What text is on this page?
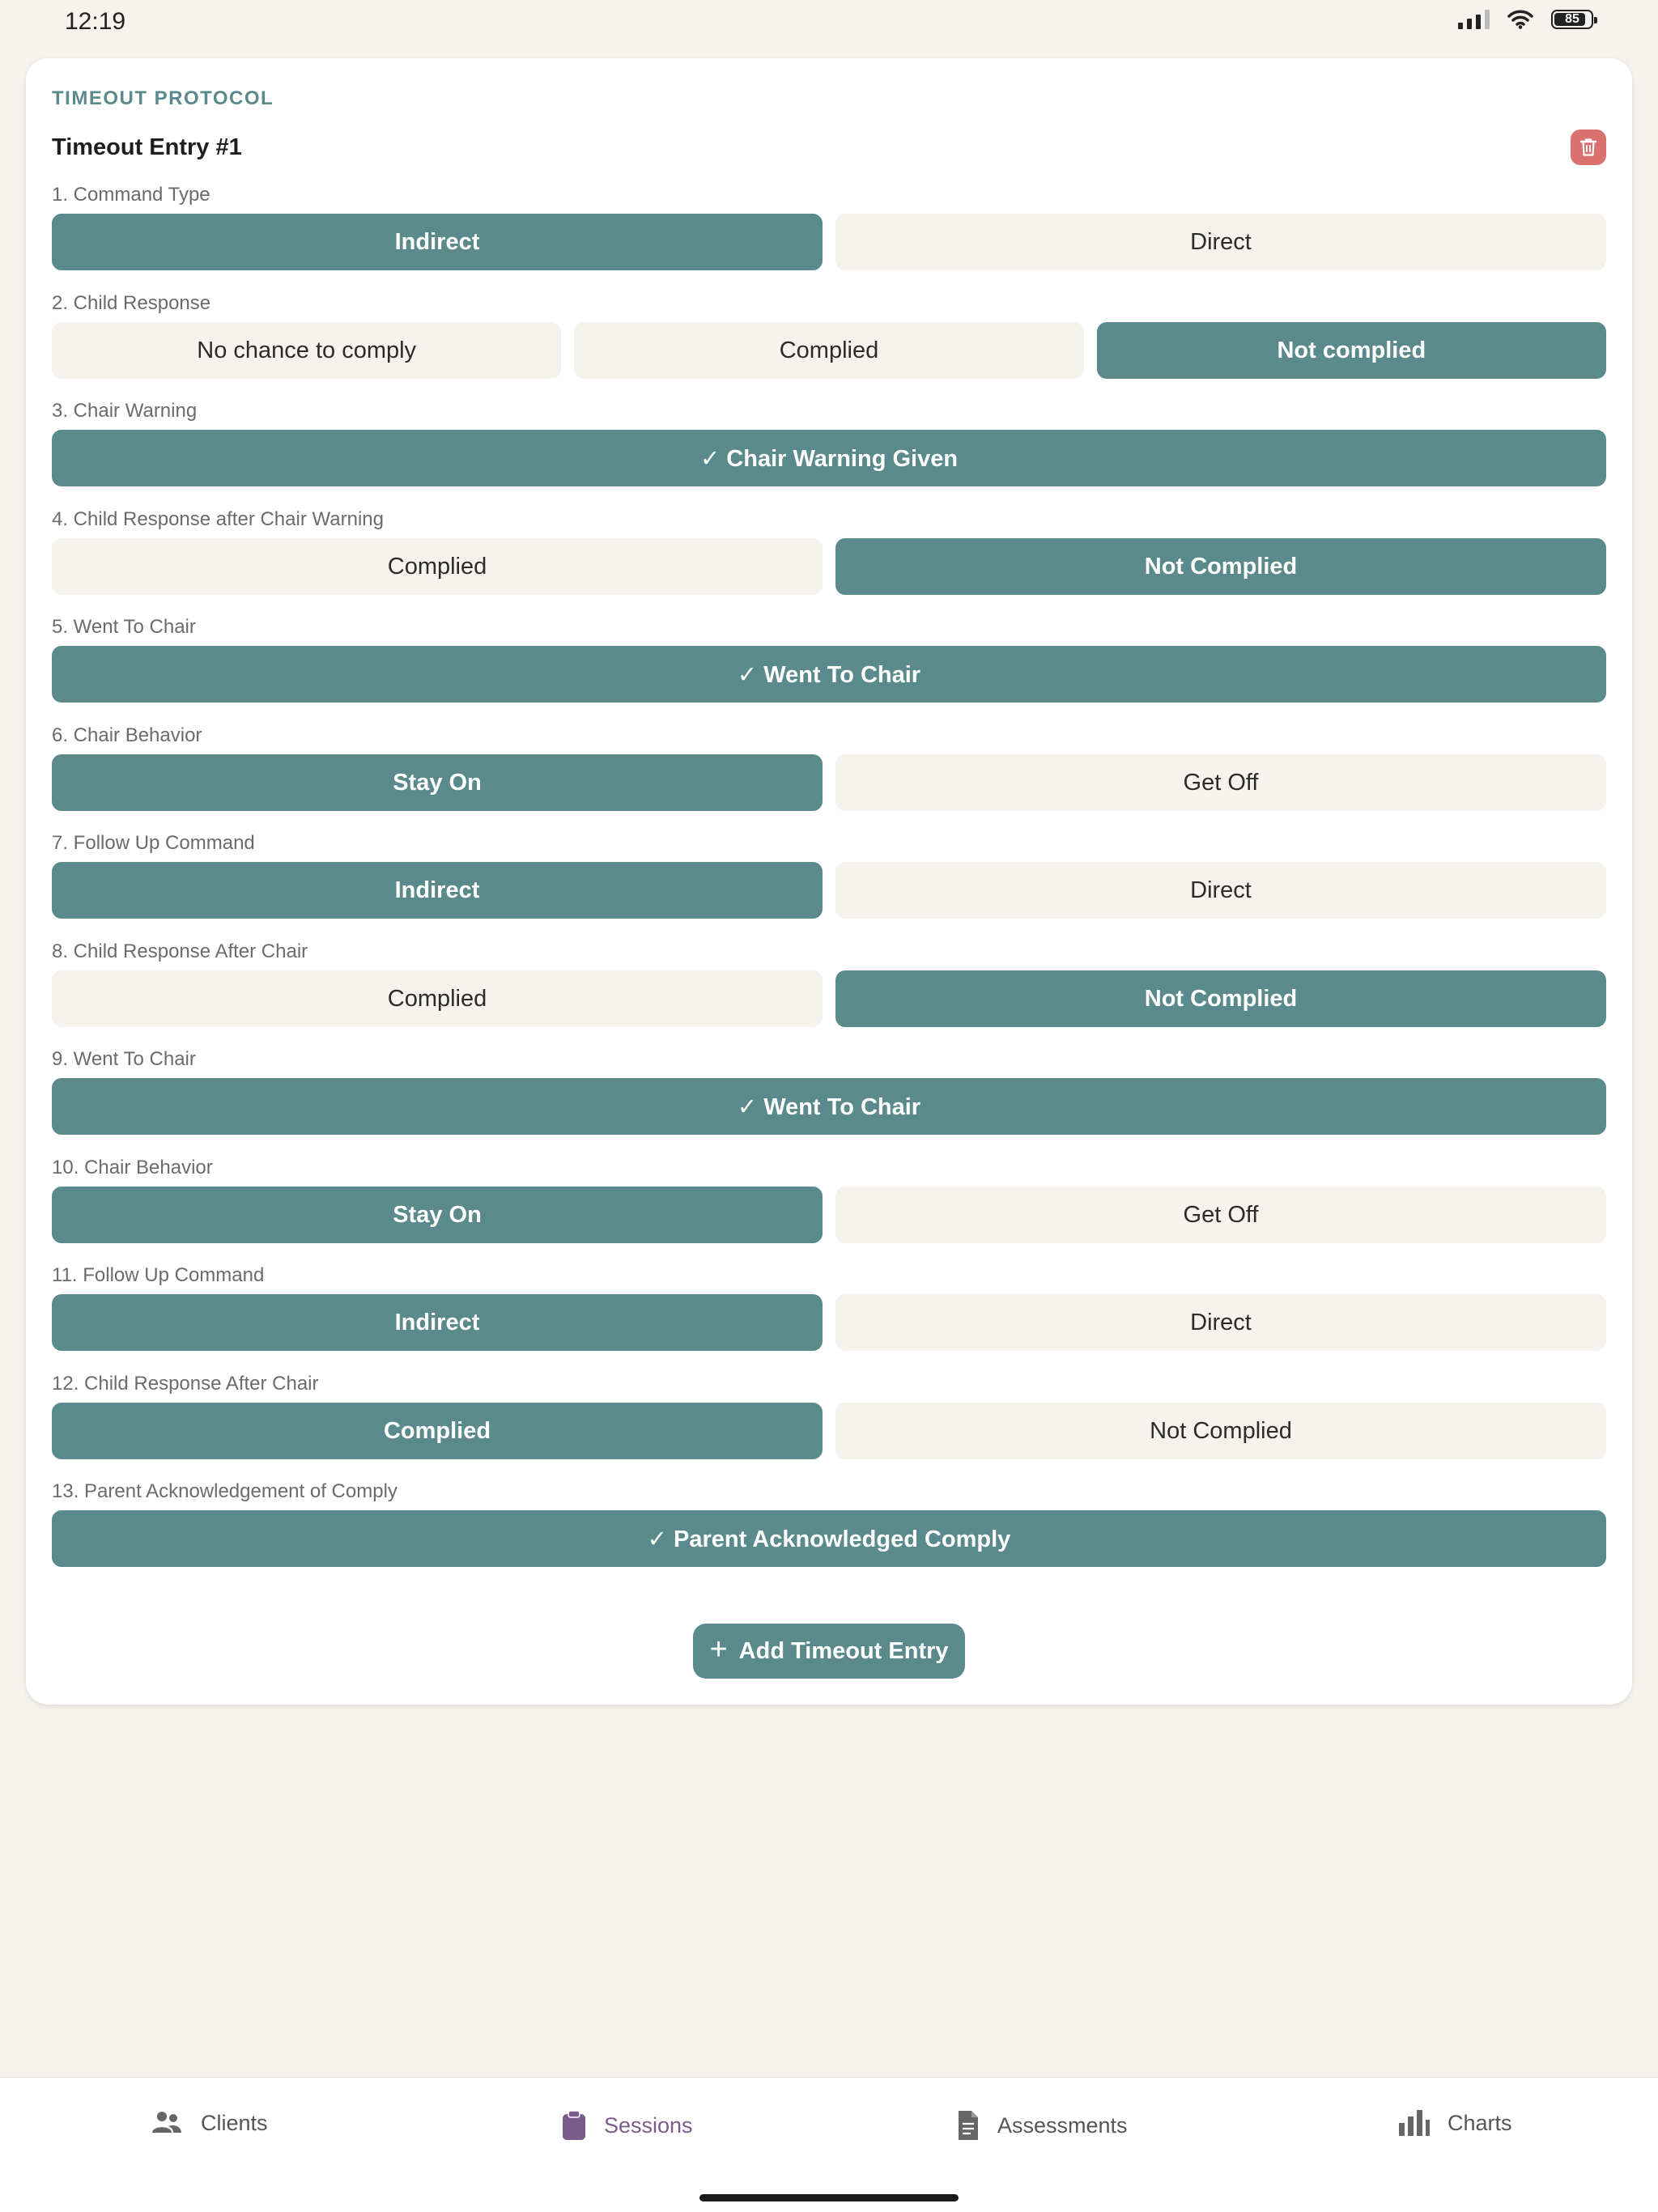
12:19	85
TIMEOUT PROTOCOL
Timeout Entry #1
1. Command Type
Indirect	Direct
2. Child Response
No chance to comply	Complied	Not complied
3. Chair Warning
✓ Chair Warning Given
4. Child Response after Chair Warning
Complied	Not Complied
5. Went To Chair
✓ Went To Chair
6. Chair Behavior
Stay On	Get Off
7. Follow Up Command
Indirect	Direct
8. Child Response After Chair
Complied	Not Complied
9. Went To Chair
✓ Went To Chair
10. Chair Behavior
Stay On	Get Off
11. Follow Up Command
Indirect	Direct
12. Child Response After Chair
Complied	Not Complied
13. Parent Acknowledgement of Comply
✓ Parent Acknowledged Comply
+ Add Timeout Entry
Clients	Sessions	Assessments	Charts
